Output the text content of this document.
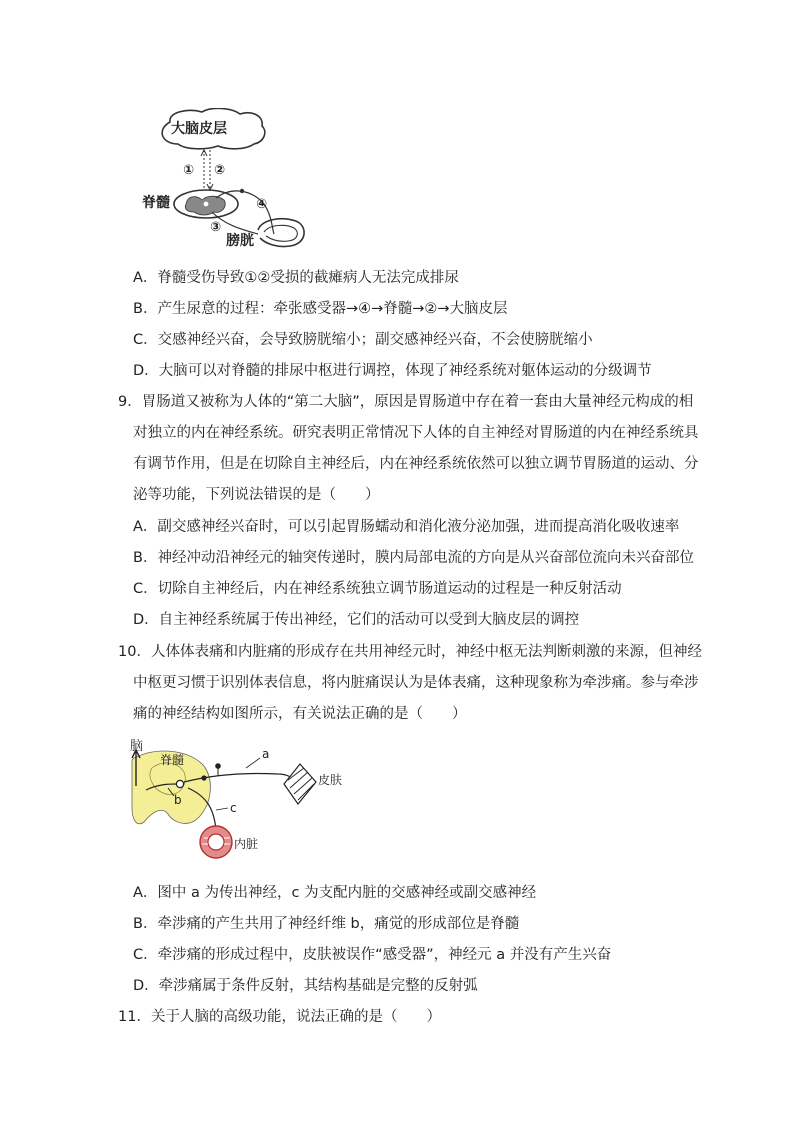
大脑皮层
① ②
脊髓	④
③
膀胱
A．脊髓受伤导致①②受损的截瘫病人无法完成排尿
B．产生尿意的过程：牵张感受器→④→脊髓→②→大脑皮层
C．交感神经兴奋，会导致膀胱缩小；副交感神经兴奋，不会使膀胱缩小
D．大脑可以对脊髓的排尿中枢进行调控，体现了神经系统对躯体运动的分级调节
9．胃肠道又被称为人体的“第二大脑”，原因是胃肠道中存在着一套由大量神经元构成的相
对独立的内在神经系统。研究表明正常情况下人体的自主神经对胃肠道的内在神经系统具
有调节作用，但是在切除自主神经后，内在神经系统依然可以独立调节胃肠道的运动、分
泌等功能，下列说法错误的是（　　）
A．副交感神经兴奋时，可以引起胃肠蠕动和消化液分泌加强，进而提高消化吸收速率
B．神经冲动沿神经元的轴突传递时，膜内局部电流的方向是从兴奋部位流向未兴奋部位
C．切除自主神经后，内在神经系统独立调节肠道运动的过程是一种反射活动
D．自主神经系统属于传出神经，它们的活动可以受到大脑皮层的调控
10．人体体表痛和内脏痛的形成存在共用神经元时，神经中枢无法判断刺激的来源，但神经
中枢更习惯于识别体表信息，将内脏痛误认为是体表痛，这种现象称为牵涉痛。参与牵涉
痛的神经结构如图所示，有关说法正确的是（　　）
脑
脊髓
b
a
皮肤
c
内脏
A．图中 a 为传出神经，c 为支配内脏的交感神经或副交感神经
B．牵涉痛的产生共用了神经纤维 b，痛觉的形成部位是脊髓
C．牵涉痛的形成过程中，皮肤被误作“感受器”，神经元 a 并没有产生兴奋
D．牵涉痛属于条件反射，其结构基础是完整的反射弧
11．关于人脑的高级功能，说法正确的是（　　）
